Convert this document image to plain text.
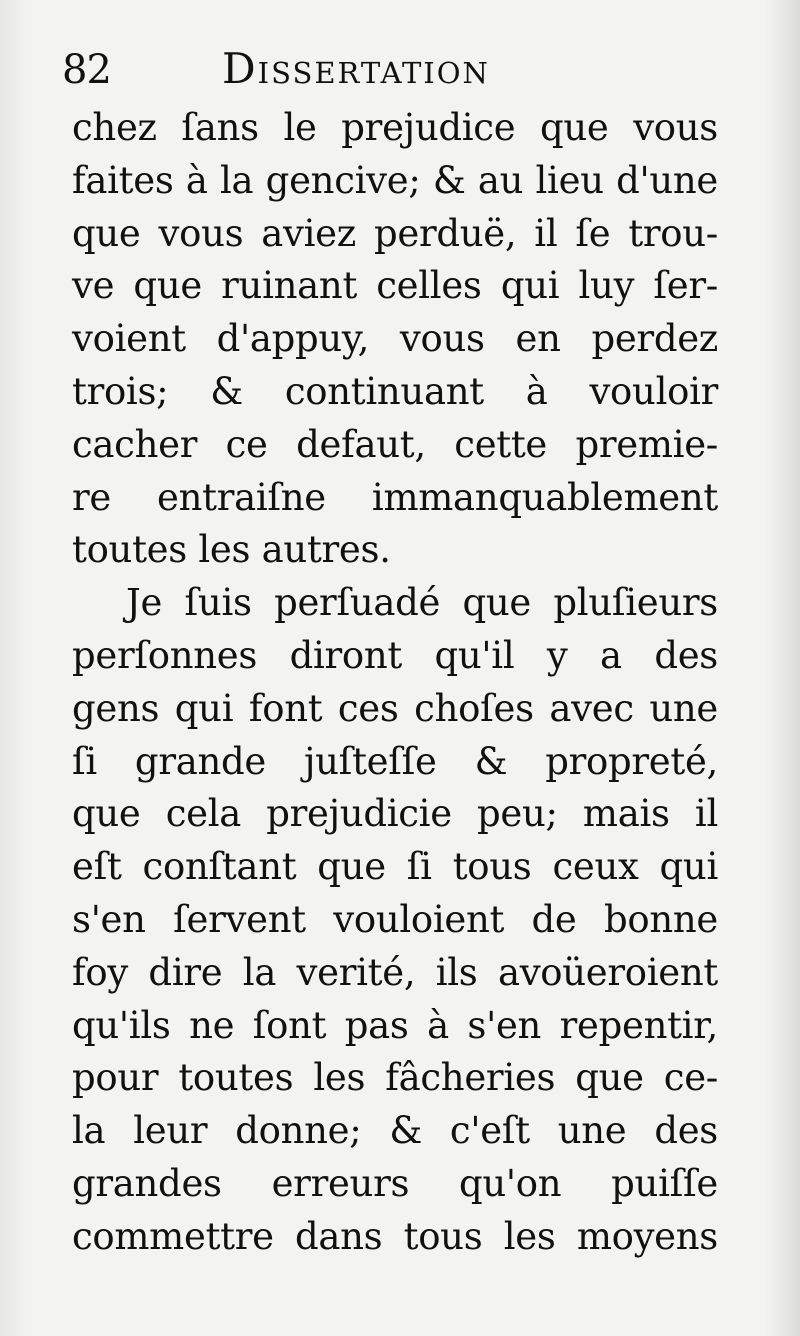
82	Dissertation
chez ſans le prejudice que vous
faites à la gencive; & au lieu d'une
que vous aviez perduë, il ſe trou-
ve que ruinant celles qui luy ſer-
voient d'appuy, vous en perdez
trois; & continuant à vouloir
cacher ce defaut, cette premie-
re entraiſne immanquablement
toutes les autres.
Je ſuis perſuadé que pluſieurs
perſonnes diront qu'il y a des
gens qui font ces choſes avec une
ſi grande juſteſſe & propreté,
que cela prejudicie peu; mais il
eſt conſtant que ſi tous ceux qui
s'en ſervent vouloient de bonne
foy dire la verité, ils avoüeroient
qu'ils ne ſont pas à s'en repentir,
pour toutes les fâcheries que ce-
la leur donne; & c'eſt une des
grandes erreurs qu'on puiſſe
commettre dans tous les moyens
